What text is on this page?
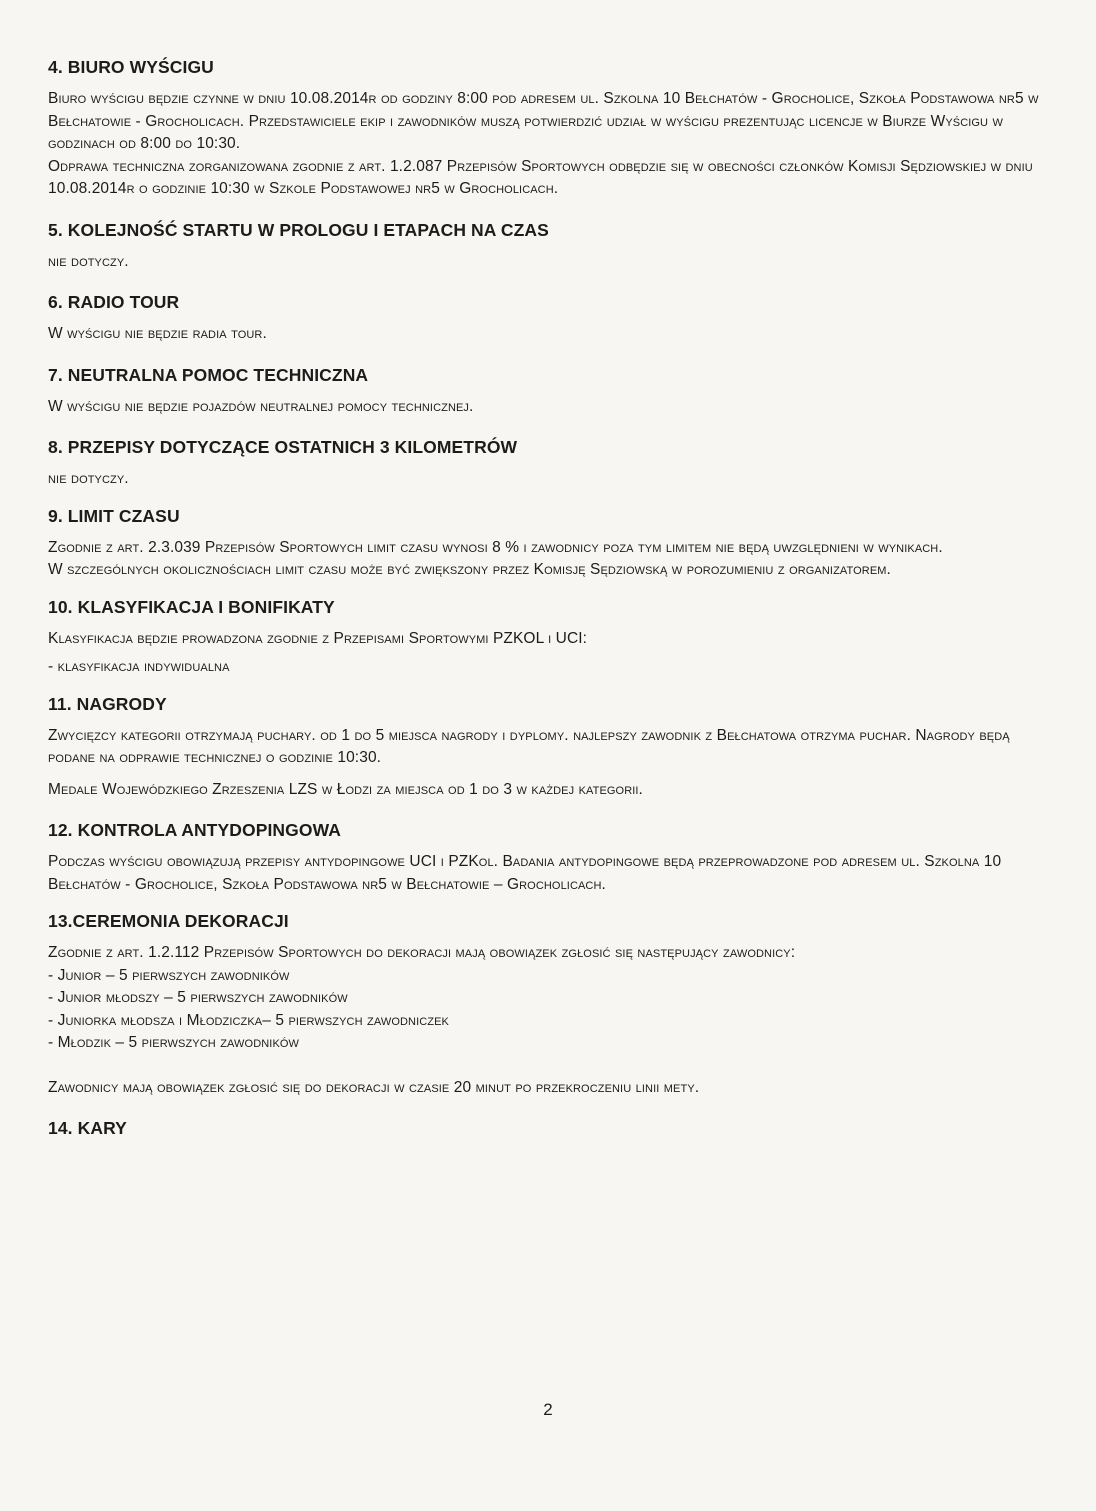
4. BIURO WYŚCIGU

Biuro wyścigu będzie czynne w dniu 10.08.2014r od godziny 8:00 pod adresem ul. Szkolna 10 Bełchatów - Grocholice, Szkoła Podstawowa nr5 w Bełchatowie - Grocholicach. Przedstawiciele ekip i zawodników muszą potwierdzić udział w wyścigu prezentując licencje w Biurze Wyścigu w godzinach od 8:00 do 10:30.

Odprawa techniczna zorganizowana zgodnie z art. 1.2.087 Przepisów Sportowych odbędzie się w obecności członków Komisji Sędziowskiej w dniu 10.08.2014r o godzinie 10:30 w Szkole Podstawowej nr5 w Grocholicach.

5. KOLEJNOŚĆ STARTU W PROLOGU I ETAPACH NA CZAS

nie dotyczy.

6. RADIO TOUR

W wyścigu nie będzie radia tour.

7. NEUTRALNA POMOC TECHNICZNA

W wyścigu nie będzie pojazdów neutralnej pomocy technicznej.

8. PRZEPISY DOTYCZĄCE OSTATNICH 3 KILOMETRÓW

nie dotyczy.

9. LIMIT CZASU

Zgodnie z art. 2.3.039 Przepisów Sportowych limit czasu wynosi 8 % i zawodnicy poza tym limitem nie będą uwzględnieni w wynikach.

W szczególnych okolicznościach limit czasu może być zwiększony przez Komisję Sędziowską w porozumieniu z organizatorem.

10. KLASYFIKACJA I BONIFIKATY

Klasyfikacja będzie prowadzona zgodnie z Przepisami Sportowymi PZKOL i UCI:

- klasyfikacja indywidualna

11. NAGRODY

Zwycięzcy kategorii otrzymają puchary. od 1 do 5 miejsca nagrody i dyplomy. najlepszy zawodnik z Bełchatowa otrzyma puchar. Nagrody będą podane na odprawie technicznej o godzinie 10:30.

Medale Wojewódzkiego Zrzeszenia LZS w Łodzi za miejsca od 1 do 3 w każdej kategorii.

12. KONTROLA ANTYDOPINGOWA

Podczas wyścigu obowiązują przepisy antydopingowe UCI i PZKol. Badania antydopingowe będą przeprowadzone pod adresem ul. Szkolna 10 Bełchatów - Grocholice, Szkoła Podstawowa nr5 w Bełchatowie – Grocholicach.

13.CEREMONIA DEKORACJI

Zgodnie z art. 1.2.112 Przepisów Sportowych do dekoracji mają obowiązek zgłosić się następujący zawodnicy:

- Junior – 5 pierwszych zawodników

- Junior młodszy – 5 pierwszych zawodników

- Juniorka młodsza i Młodziczka– 5 pierwszych zawodniczek

- Młodzik – 5 pierwszych zawodników

Zawodnicy mają obowiązek zgłosić się do dekoracji w czasie 20 minut po przekroczeniu linii mety.

14. KARY
2
